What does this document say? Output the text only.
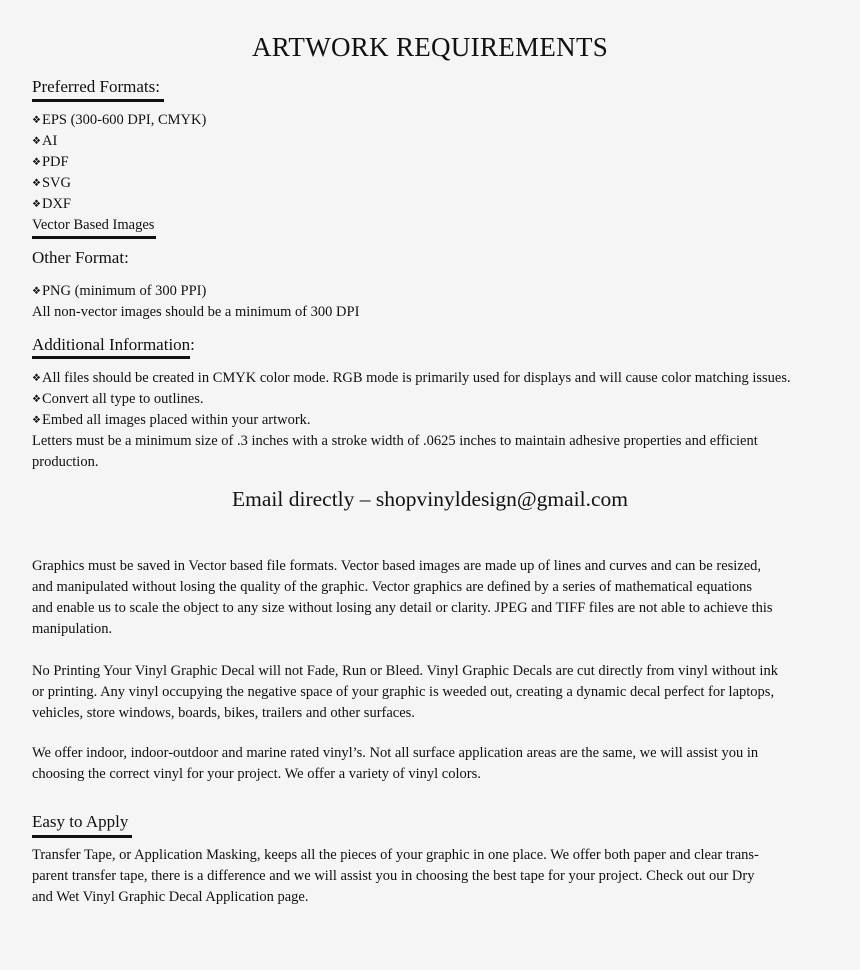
ARTWORK REQUIREMENTS
Preferred Formats:
❖EPS (300-600 DPI, CMYK)
❖AI
❖PDF
❖SVG
❖DXF
Vector Based Images
Other Format:
❖PNG (minimum of 300 PPI)
All non-vector images should be a minimum of 300 DPI
Additional Information:
❖All files should be created in CMYK color mode. RGB mode is primarily used for displays and will cause color matching issues.
❖Convert all type to outlines.
❖Embed all images placed within your artwork.
Letters must be a minimum size of .3 inches with a stroke width of .0625 inches to maintain adhesive properties and efficient
production.
Email directly – shopvinyldesign@gmail.com
Graphics must be saved in Vector based file formats. Vector based images are made up of lines and curves and can be resized,
and manipulated without losing the quality of the graphic. Vector graphics are defined by a series of mathematical equations
and enable us to scale the object to any size without losing any detail or clarity. JPEG and TIFF files are not able to achieve this
manipulation.
No Printing Your Vinyl Graphic Decal will not Fade, Run or Bleed. Vinyl Graphic Decals are cut directly from vinyl without ink
or printing. Any vinyl occupying the negative space of your graphic is weeded out, creating a dynamic decal perfect for laptops,
vehicles, store windows, boards, bikes, trailers and other surfaces.
We offer indoor, indoor-outdoor and marine rated vinyl’s. Not all surface application areas are the same, we will assist you in
choosing the correct vinyl for your project. We offer a variety of vinyl colors.
Easy to Apply
Transfer Tape, or Application Masking, keeps all the pieces of your graphic in one place. We offer both paper and clear trans-
parent transfer tape, there is a difference and we will assist you in choosing the best tape for your project. Check out our Dry
and Wet Vinyl Graphic Decal Application page.
